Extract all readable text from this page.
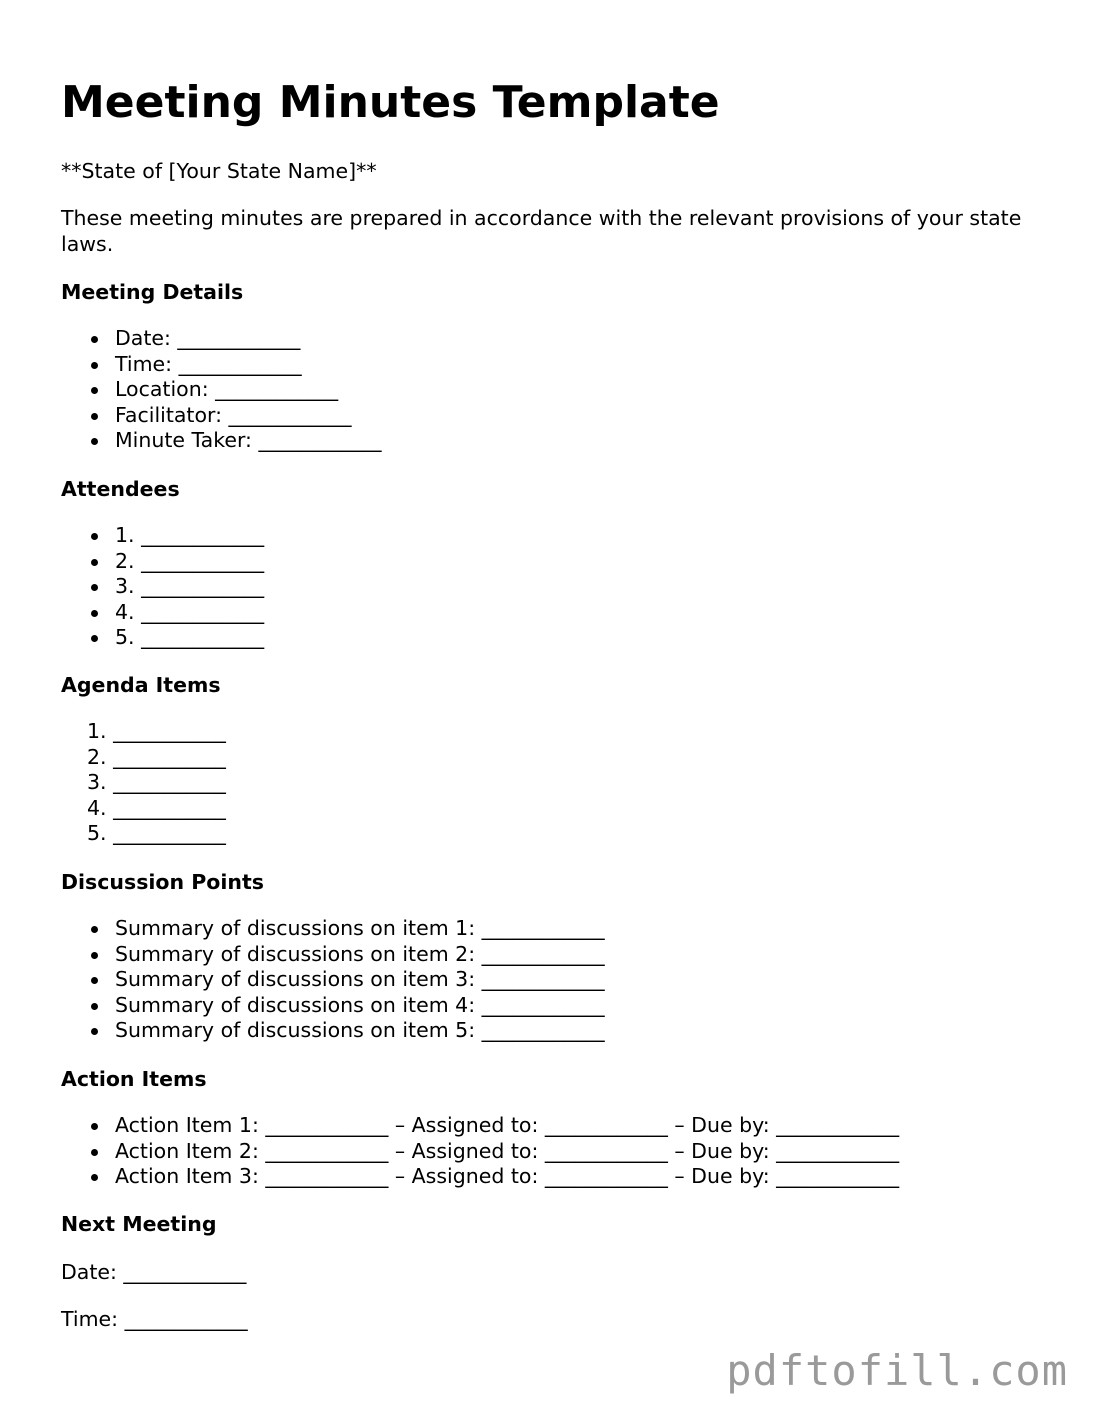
Meeting Minutes Template

**State of [Your State Name]**

These meeting minutes are prepared in accordance with the relevant provisions of your state laws.

Meeting Details
Date: ____________
Time: ____________
Location: ____________
Facilitator: ____________
Minute Taker: ____________
Attendees
1. ____________
2. ____________
3. ____________
4. ____________
5. ____________
Agenda Items
1. ___________
2. ___________
3. ___________
4. ___________
5. ___________
Discussion Points
Summary of discussions on item 1: ____________
Summary of discussions on item 2: ____________
Summary of discussions on item 3: ____________
Summary of discussions on item 4: ____________
Summary of discussions on item 5: ____________
Action Items
Action Item 1: ____________ – Assigned to: ____________ – Due by: ____________
Action Item 2: ____________ – Assigned to: ____________ – Due by: ____________
Action Item 3: ____________ – Assigned to: ____________ – Due by: ____________
Next Meeting

Date: ____________

Time: ____________

pdftofill.com
